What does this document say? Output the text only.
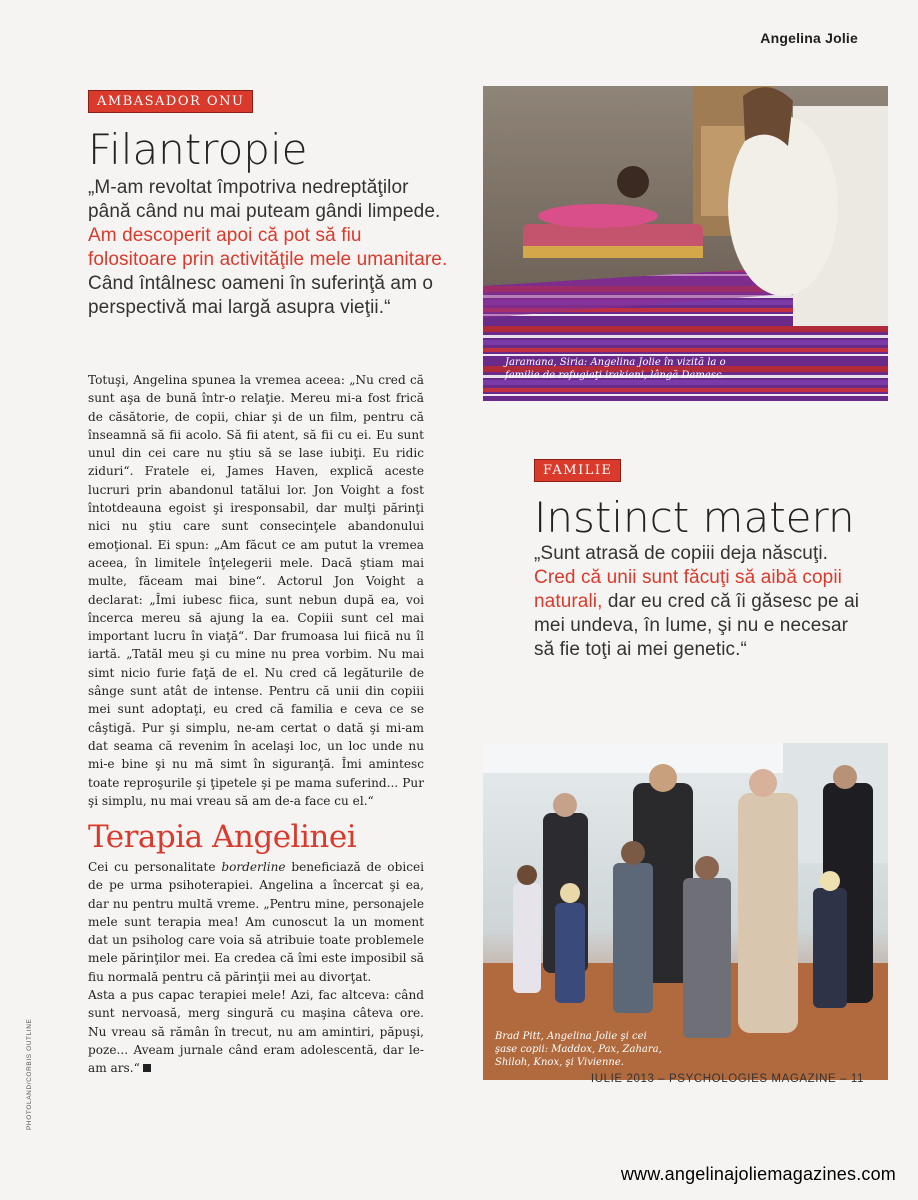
Angelina Jolie
AMBASADOR ONU
Filantropie
„M-am revoltat împotriva nedreptăţilor până când nu mai puteam gândi limpede. Am descoperit apoi că pot să fiu folositoare prin activităţile mele umanitare. Când întâlnesc oameni în suferinţă am o perspectivă mai largă asupra vieţii.“
Jaramana, Siria: Angelina Jolie în vizită la o familie de refugiaţi irakieni, lângă Damasc.

Totuşi, Angelina spunea la vremea aceea: „Nu cred că sunt aşa de bună într-o relaţie. Mereu mi-a fost frică de căsătorie, de copii, chiar şi de un film, pentru că înseamnă să fii acolo. Să fii atent, să fii cu ei. Eu sunt unul din cei care nu ştiu să se lase iubiţi. Eu ridic ziduri“. Fratele ei, James Haven, explică aceste lucruri prin abandonul tatălui lor. Jon Voight a fost întotdeauna egoist şi iresponsabil, dar mulţi părinţi nici nu ştiu care sunt consecinţele abandonului emoţional. Ei spun: „Am făcut ce am putut la vremea aceea, în limitele înţelegerii mele. Dacă ştiam mai multe, făceam mai bine“. Actorul Jon Voight a declarat: „Îmi iubesc fiica, sunt nebun după ea, voi încerca mereu să ajung la ea. Copiii sunt cel mai important lucru în viaţă“. Dar frumoasa lui fiică nu îl iartă. „Tatăl meu şi cu mine nu prea vorbim. Nu mai simt nicio furie faţă de el. Nu cred că legăturile de sânge sunt atât de intense. Pentru că unii din copiii mei sunt adoptaţi, eu cred că familia e ceva ce se câştigă. Pur şi simplu, ne-am certat o dată şi mi-am dat seama că revenim în acelaşi loc, un loc unde nu mi-e bine şi nu mă simt în siguranţă. Îmi amintesc toate reproşurile şi ţipetele şi pe mama suferind... Pur şi simplu, nu mai vreau să am de-a face cu el.“

Terapia Angelinei

Cei cu personalitate borderline beneficiază de obicei de pe urma psihoterapiei. Angelina a încercat şi ea, dar nu pentru multă vreme. „Pentru mine, personajele mele sunt terapia mea! Am cunoscut la un moment dat un psiholog care voia să atribuie toate problemele mele părinţilor mei. Ea credea că îmi este imposibil să fiu normală pentru că părinţii mei au divorţat.

Asta a pus capac terapiei mele! Azi, fac altceva: când sunt nervoasă, merg singură cu maşina câteva ore. Nu vreau să rămân în trecut, nu am amintiri, păpuşi, poze... Aveam jurnale când eram adolescentă, dar le-am ars.“

FAMILIE
Instinct matern
„Sunt atrasă de copiii deja născuţi. Cred că unii sunt făcuţi să aibă copii naturali, dar eu cred că îi găsesc pe ai mei undeva, în lume, şi nu e necesar să fie toţi ai mei genetic.“
Brad Pitt, Angelina Jolie şi cei şase copii: Maddox, Pax, Zahara, Shiloh, Knox, şi Vivienne.
PHOTOLAND/CORBIS OUTLINE	IULIE 2013 – PSYCHOLOGIES MAGAZINE – 11
www.angelinajoliemagazines.com
